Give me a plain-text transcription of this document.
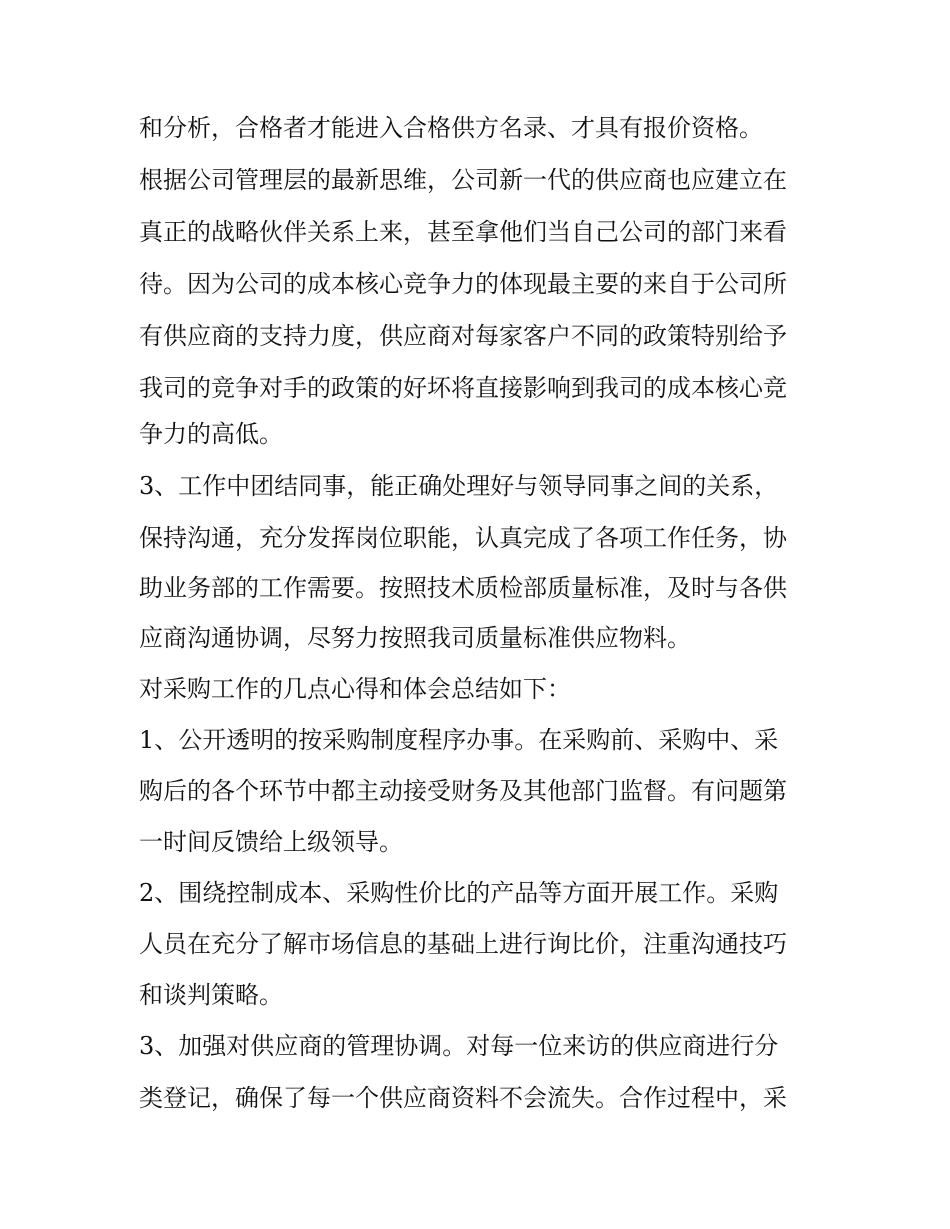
和分析，合格者才能进入合格供方名录、才具有报价资格。
根据公司管理层的最新思维，公司新一代的供应商也应建立在
真正的战略伙伴关系上来，甚至拿他们当自己公司的部门来看
待。因为公司的成本核心竞争力的体现最主要的来自于公司所
有供应商的支持力度，供应商对每家客户不同的政策特别给予
我司的竞争对手的政策的好坏将直接影响到我司的成本核心竞
争力的高低。
3、工作中团结同事，能正确处理好与领导同事之间的关系，
保持沟通，充分发挥岗位职能，认真完成了各项工作任务，协
助业务部的工作需要。按照技术质检部质量标准，及时与各供
应商沟通协调，尽努力按照我司质量标准供应物料。
对采购工作的几点心得和体会总结如下：
1、公开透明的按采购制度程序办事。在采购前、采购中、采
购后的各个环节中都主动接受财务及其他部门监督。有问题第
一时间反馈给上级领导。
2、围绕控制成本、采购性价比的产品等方面开展工作。采购
人员在充分了解市场信息的基础上进行询比价，注重沟通技巧
和谈判策略。
3、加强对供应商的管理协调。对每一位来访的供应商进行分
类登记，确保了每一个供应商资料不会流失。合作过程中，采
